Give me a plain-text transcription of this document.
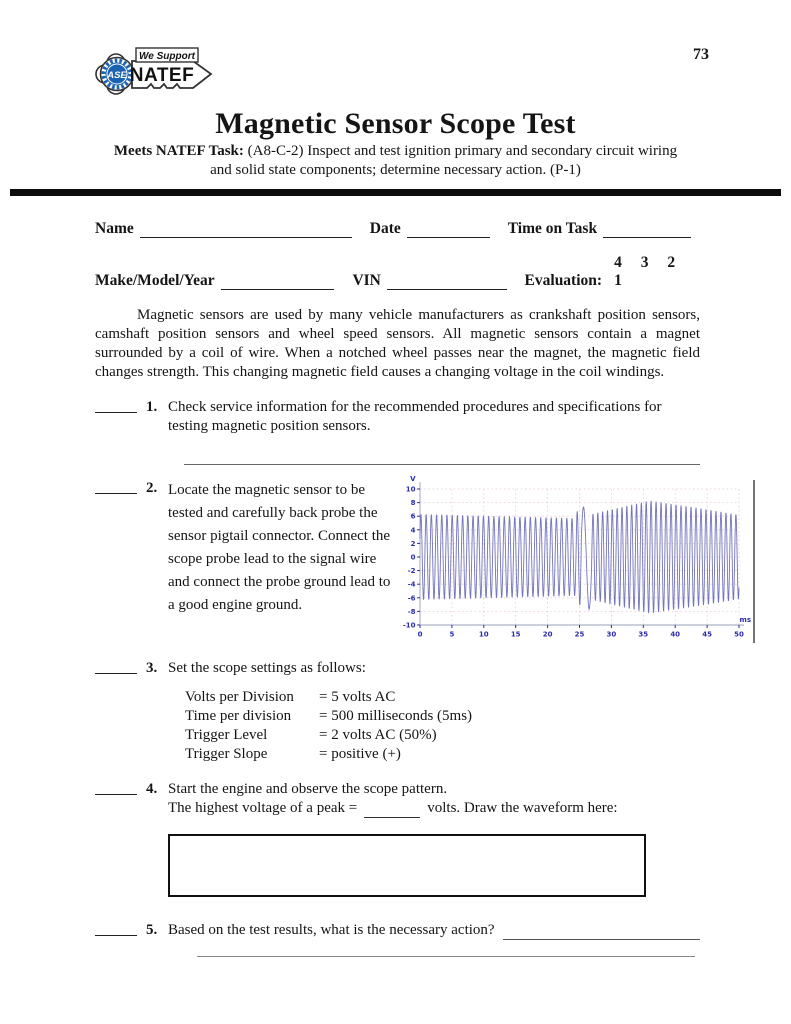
73
We Support
ASE NATEF
Magnetic Sensor Scope Test
Meets NATEF Task: (A8-C-2) Inspect and test ignition primary and secondary circuit wiring
and solid state components; determine necessary action. (P-1)
Name	Date	Time on Task
Make/Model/Year	VIN	Evaluation:
4 3 2 1

Magnetic sensors are used by many vehicle manufacturers as crankshaft position sensors, camshaft position sensors and wheel speed sensors. All magnetic sensors contain a magnet surrounded by a coil of wire. When a notched wheel passes near the magnet, the magnetic field changes strength. This changing magnetic field causes a changing voltage in the coil windings.

1. Check service information for the recommended procedures and specifications for testing magnetic position sensors.
2. Locate the magnetic sensor to be tested and carefully back probe the sensor pigtail connector. Connect the scope probe lead to the signal wire and connect the probe ground lead to a good engine ground.
10
8
6
4
2
0
-2
-4
-6
-8
-10
0	5	10	15	20	25	30	35	40	45	50
V
ms
3. Set the scope settings as follows:
Volts per Division = 5 volts AC
Time per division = 500 milliseconds (5ms)
Trigger Level	= 2 volts AC (50%)
Trigger Slope	= positive (+)
4. Start the engine and observe the scope pattern.
The highest voltage of a peak =	volts. Draw the waveform here:
5. Based on the test results, what is the necessary action?
